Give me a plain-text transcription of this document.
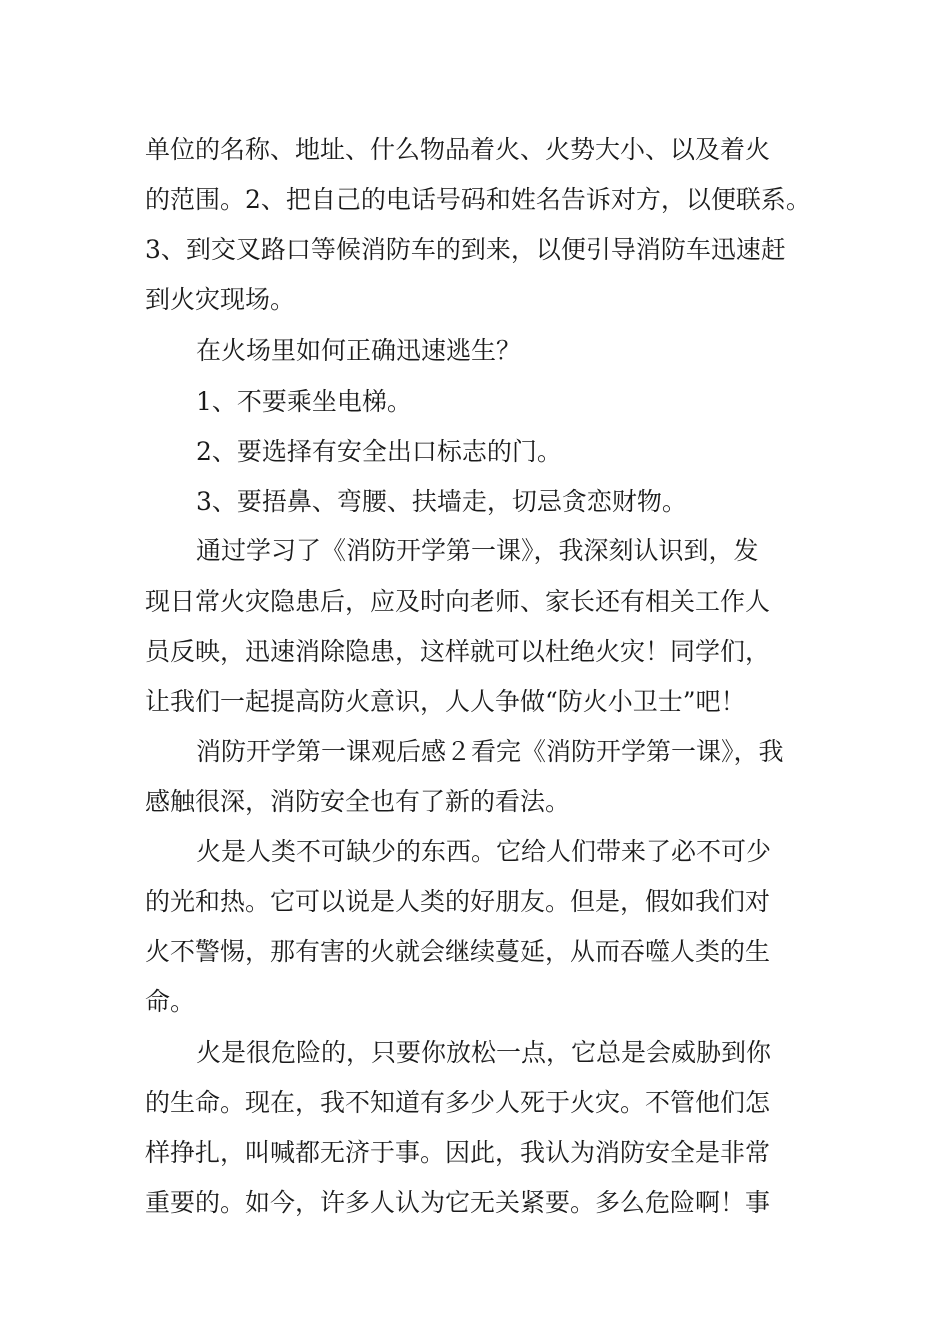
单位的名称、地址、什么物品着火、火势大小、以及着火

的范围。2、把自己的电话号码和姓名告诉对方，以便联系。

3、到交叉路口等候消防车的到来，以便引导消防车迅速赶

到火灾现场。

在火场里如何正确迅速逃生？

1、不要乘坐电梯。

2、要选择有安全出口标志的门。

3、要捂鼻、弯腰、扶墙走，切忌贪恋财物。

通过学习了《消防开学第一课》，我深刻认识到，发

现日常火灾隐患后，应及时向老师、家长还有相关工作人

员反映，迅速消除隐患，这样就可以杜绝火灾！同学们，

让我们一起提高防火意识，人人争做“防火小卫士”吧！

消防开学第一课观后感２看完《消防开学第一课》，我

感触很深，消防安全也有了新的看法。

火是人类不可缺少的东西。它给人们带来了必不可少

的光和热。它可以说是人类的好朋友。但是，假如我们对

火不警惕，那有害的火就会继续蔓延，从而吞噬人类的生

命。

火是很危险的，只要你放松一点，它总是会威胁到你

的生命。现在，我不知道有多少人死于火灾。不管他们怎

样挣扎，叫喊都无济于事。因此，我认为消防安全是非常

重要的。如今，许多人认为它无关紧要。多么危险啊！事
